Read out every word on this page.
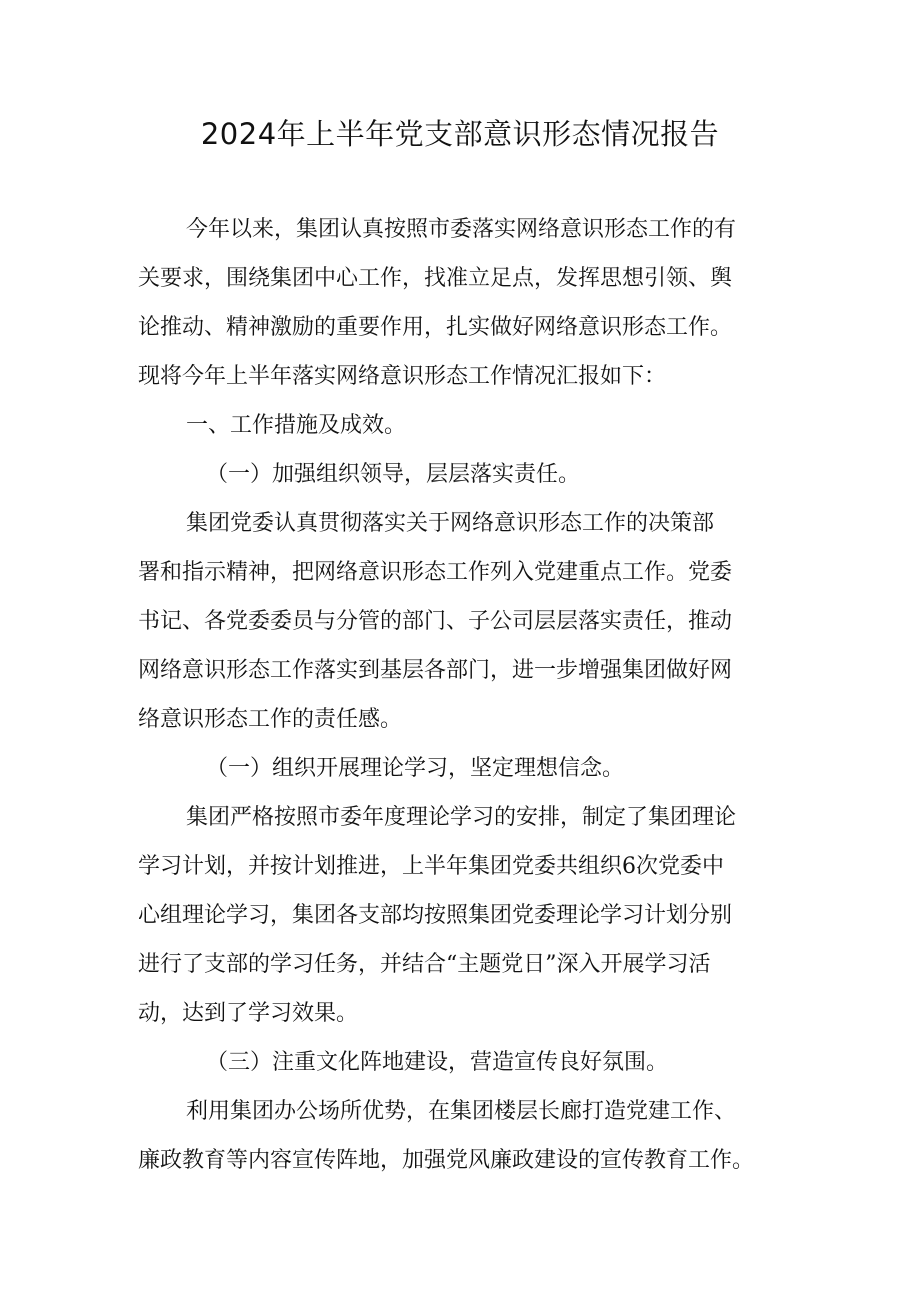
2024年上半年党支部意识形态情况报告
今年以来，集团认真按照市委落实网络意识形态工作的有
关要求，围绕集团中心工作，找准立足点，发挥思想引领、舆
论推动、精神激励的重要作用，扎实做好网络意识形态工作。
现将今年上半年落实网络意识形态工作情况汇报如下：
一、工作措施及成效。
（一）加强组织领导，层层落实责任。
集团党委认真贯彻落实关于网络意识形态工作的决策部
署和指示精神，把网络意识形态工作列入党建重点工作。党委
书记、各党委委员与分管的部门、子公司层层落实责任，推动
网络意识形态工作落实到基层各部门，进一步增强集团做好网
络意识形态工作的责任感。
（一）组织开展理论学习，坚定理想信念。
集团严格按照市委年度理论学习的安排，制定了集团理论
学习计划，并按计划推进，上半年集团党委共组织6次党委中
心组理论学习，集团各支部均按照集团党委理论学习计划分别
进行了支部的学习任务，并结合“主题党日”深入开展学习活
动，达到了学习效果。
（三）注重文化阵地建设，营造宣传良好氛围。
利用集团办公场所优势，在集团楼层长廊打造党建工作、
廉政教育等内容宣传阵地，加强党风廉政建设的宣传教育工作。
